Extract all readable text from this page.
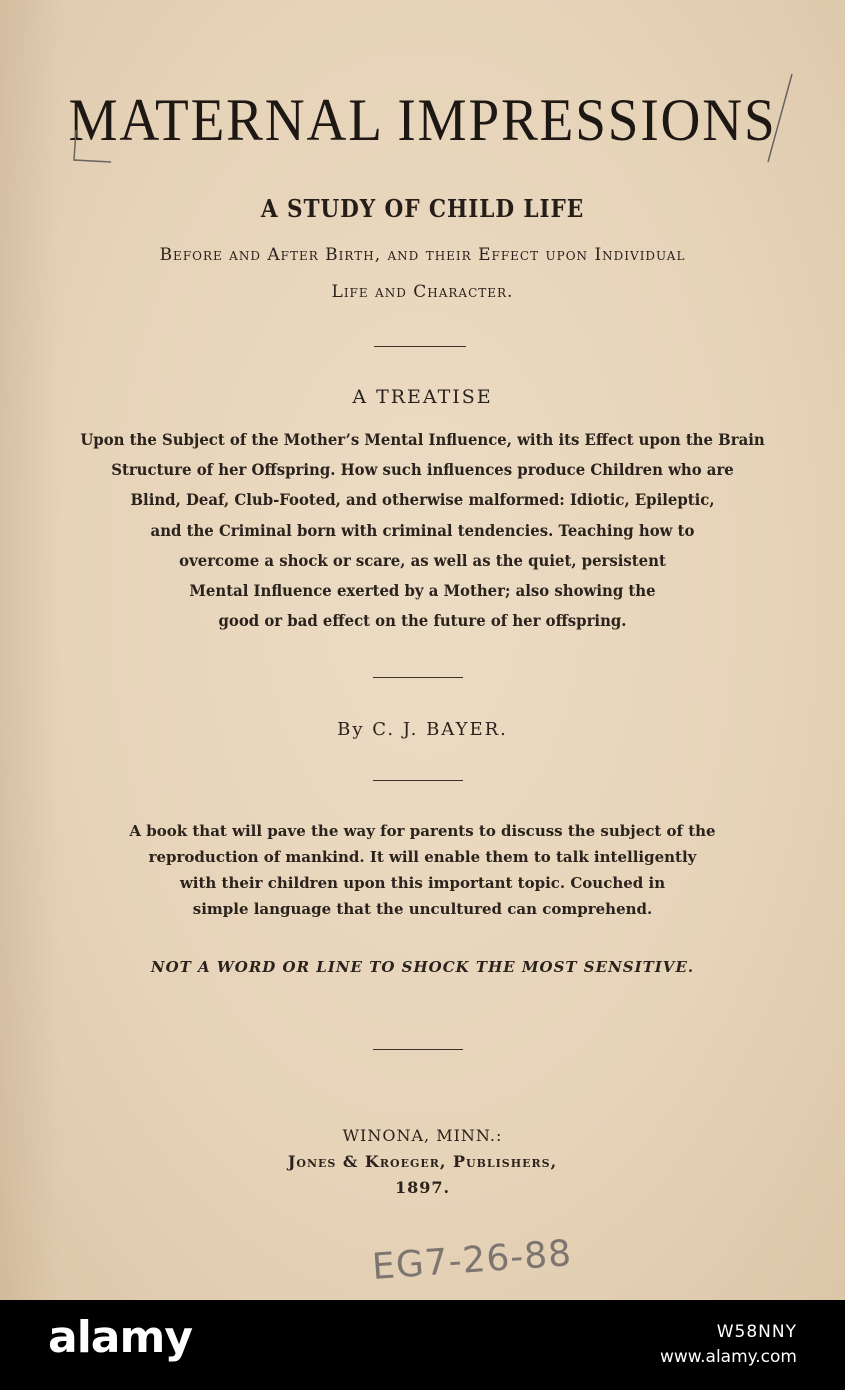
MATERNAL IMPRESSIONS
A STUDY OF CHILD LIFE
Before and After Birth, and their Effect upon Individual
Life and Character.
A TREATISE
Upon the Subject of the Mother’s Mental Influence, with its Effect upon the Brain
Structure of her Offspring. How such influences produce Children who are
Blind, Deaf, Club-Footed, and otherwise malformed: Idiotic, Epileptic,
and the Criminal born with criminal tendencies. Teaching how to
overcome a shock or scare, as well as the quiet, persistent
Mental Influence exerted by a Mother; also showing the
good or bad effect on the future of her offspring.
By C. J. BAYER.
A book that will pave the way for parents to discuss the subject of the
reproduction of mankind. It will enable them to talk intelligently
with their children upon this important topic. Couched in
simple language that the uncultured can comprehend.
NOT A WORD OR LINE TO SHOCK THE MOST SENSITIVE.
WINONA, MINN.:
Jones & Kroeger, Publishers,
1897.
EG7-26-88
alamy	W58NNY
www.alamy.com
